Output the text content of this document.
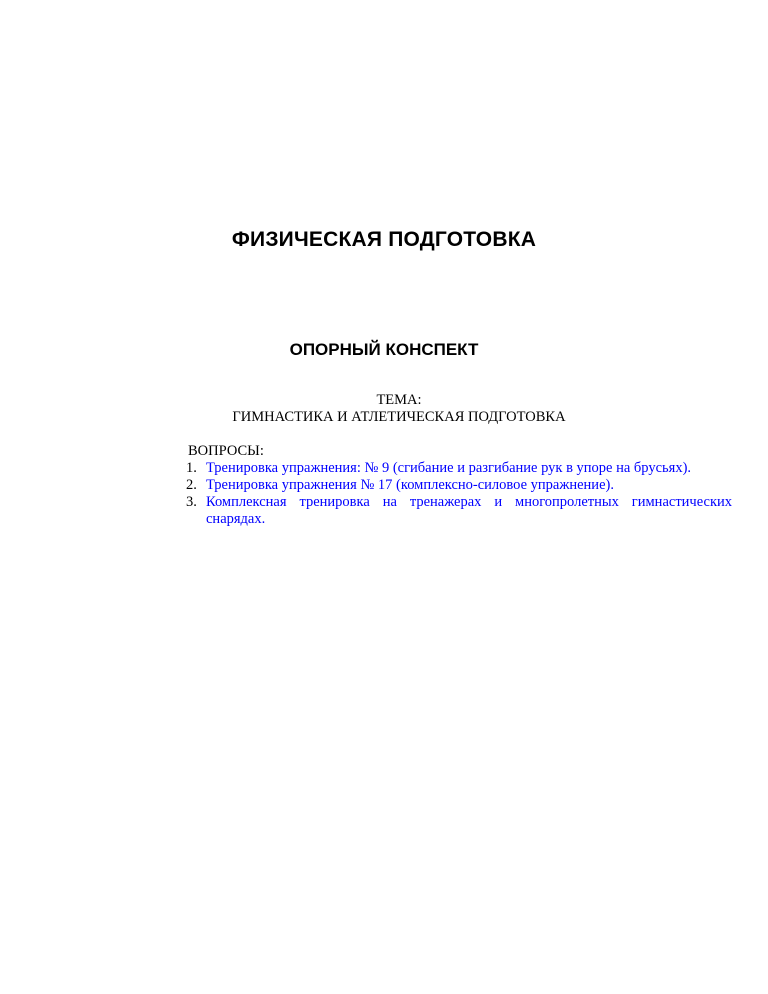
ФИЗИЧЕСКАЯ ПОДГОТОВКА
ОПОРНЫЙ КОНСПЕКТ
ТЕМА:
ГИМНАСТИКА И АТЛЕТИЧЕСКАЯ ПОДГОТОВКА
ВОПРОСЫ:
1. Тренировка упражнения: № 9 (сгибание и разгибание рук в упоре на брусьях).
2. Тренировка упражнения № 17 (комплексно-силовое упражнение).
3. Комплексная тренировка на тренажерах и многопролетных гимнастических снарядах.
